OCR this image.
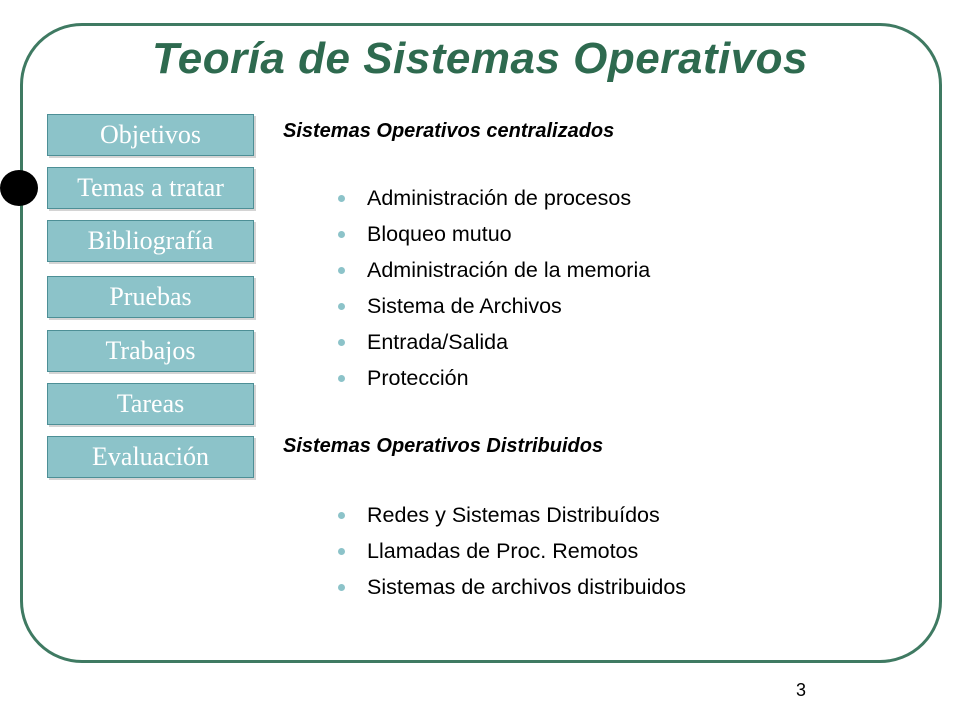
Teoría de Sistemas Operativos
Objetivos
Temas a tratar
Bibliografía
Pruebas
Trabajos
Tareas
Evaluación
Sistemas Operativos centralizados
Administración de procesos
Bloqueo mutuo
Administración de la memoria
Sistema de Archivos
Entrada/Salida
Protección
Sistemas Operativos Distribuidos
Redes y Sistemas Distribuídos
Llamadas de Proc. Remotos
Sistemas de archivos distribuidos
3
